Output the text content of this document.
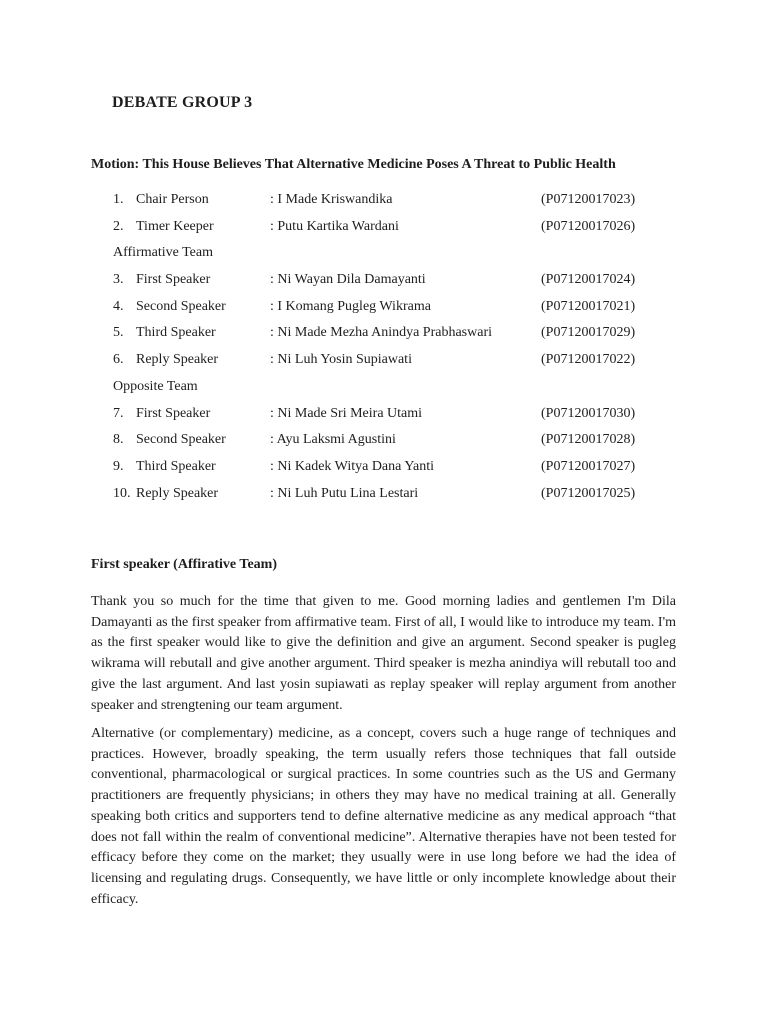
DEBATE GROUP 3

Motion: This House Believes That Alternative Medicine Poses A Threat to Public Health

1. Chair Person	: I Made Kriswandika	(P07120017023)
2. Timer Keeper	: Putu Kartika Wardani	(P07120017026)
Affirmative Team
3. First Speaker	: Ni Wayan Dila Damayanti	(P07120017024)
4. Second Speaker	: I Komang Pugleg Wikrama	(P07120017021)
5. Third Speaker	: Ni Made Mezha Anindya Prabhaswari	(P07120017029)
6. Reply Speaker	: Ni Luh Yosin Supiawati	(P07120017022)
Opposite Team
7. First Speaker	: Ni Made Sri Meira Utami	(P07120017030)
8. Second Speaker	: Ayu Laksmi Agustini	(P07120017028)
9. Third Speaker	: Ni Kadek Witya Dana Yanti	(P07120017027)
10. Reply Speaker	: Ni Luh Putu Lina Lestari	(P07120017025)
First speaker (Affirative Team)

Thank you so much for the time that given to me. Good morning ladies and gentlemen I'm Dila Damayanti as the first speaker from affirmative team. First of all, I would like to introduce my team. I'm as the first speaker would like to give the definition and give an argument. Second speaker is pugleg wikrama will rebutall and give another argument. Third speaker is mezha anindiya will rebutall too and give the last argument. And last yosin supiawati as replay speaker will replay argument from another speaker and strengtening our team argument.

Alternative (or complementary) medicine, as a concept, covers such a huge range of techniques and practices. However, broadly speaking, the term usually refers those techniques that fall outside conventional, pharmacological or surgical practices. In some countries such as the US and Germany practitioners are frequently physicians; in others they may have no medical training at all. Generally speaking both critics and supporters tend to define alternative medicine as any medical approach “that does not fall within the realm of conventional medicine”. Alternative therapies have not been tested for efficacy before they come on the market; they usually were in use long before we had the idea of licensing and regulating drugs. Consequently, we have little or only incomplete knowledge about their efficacy.
